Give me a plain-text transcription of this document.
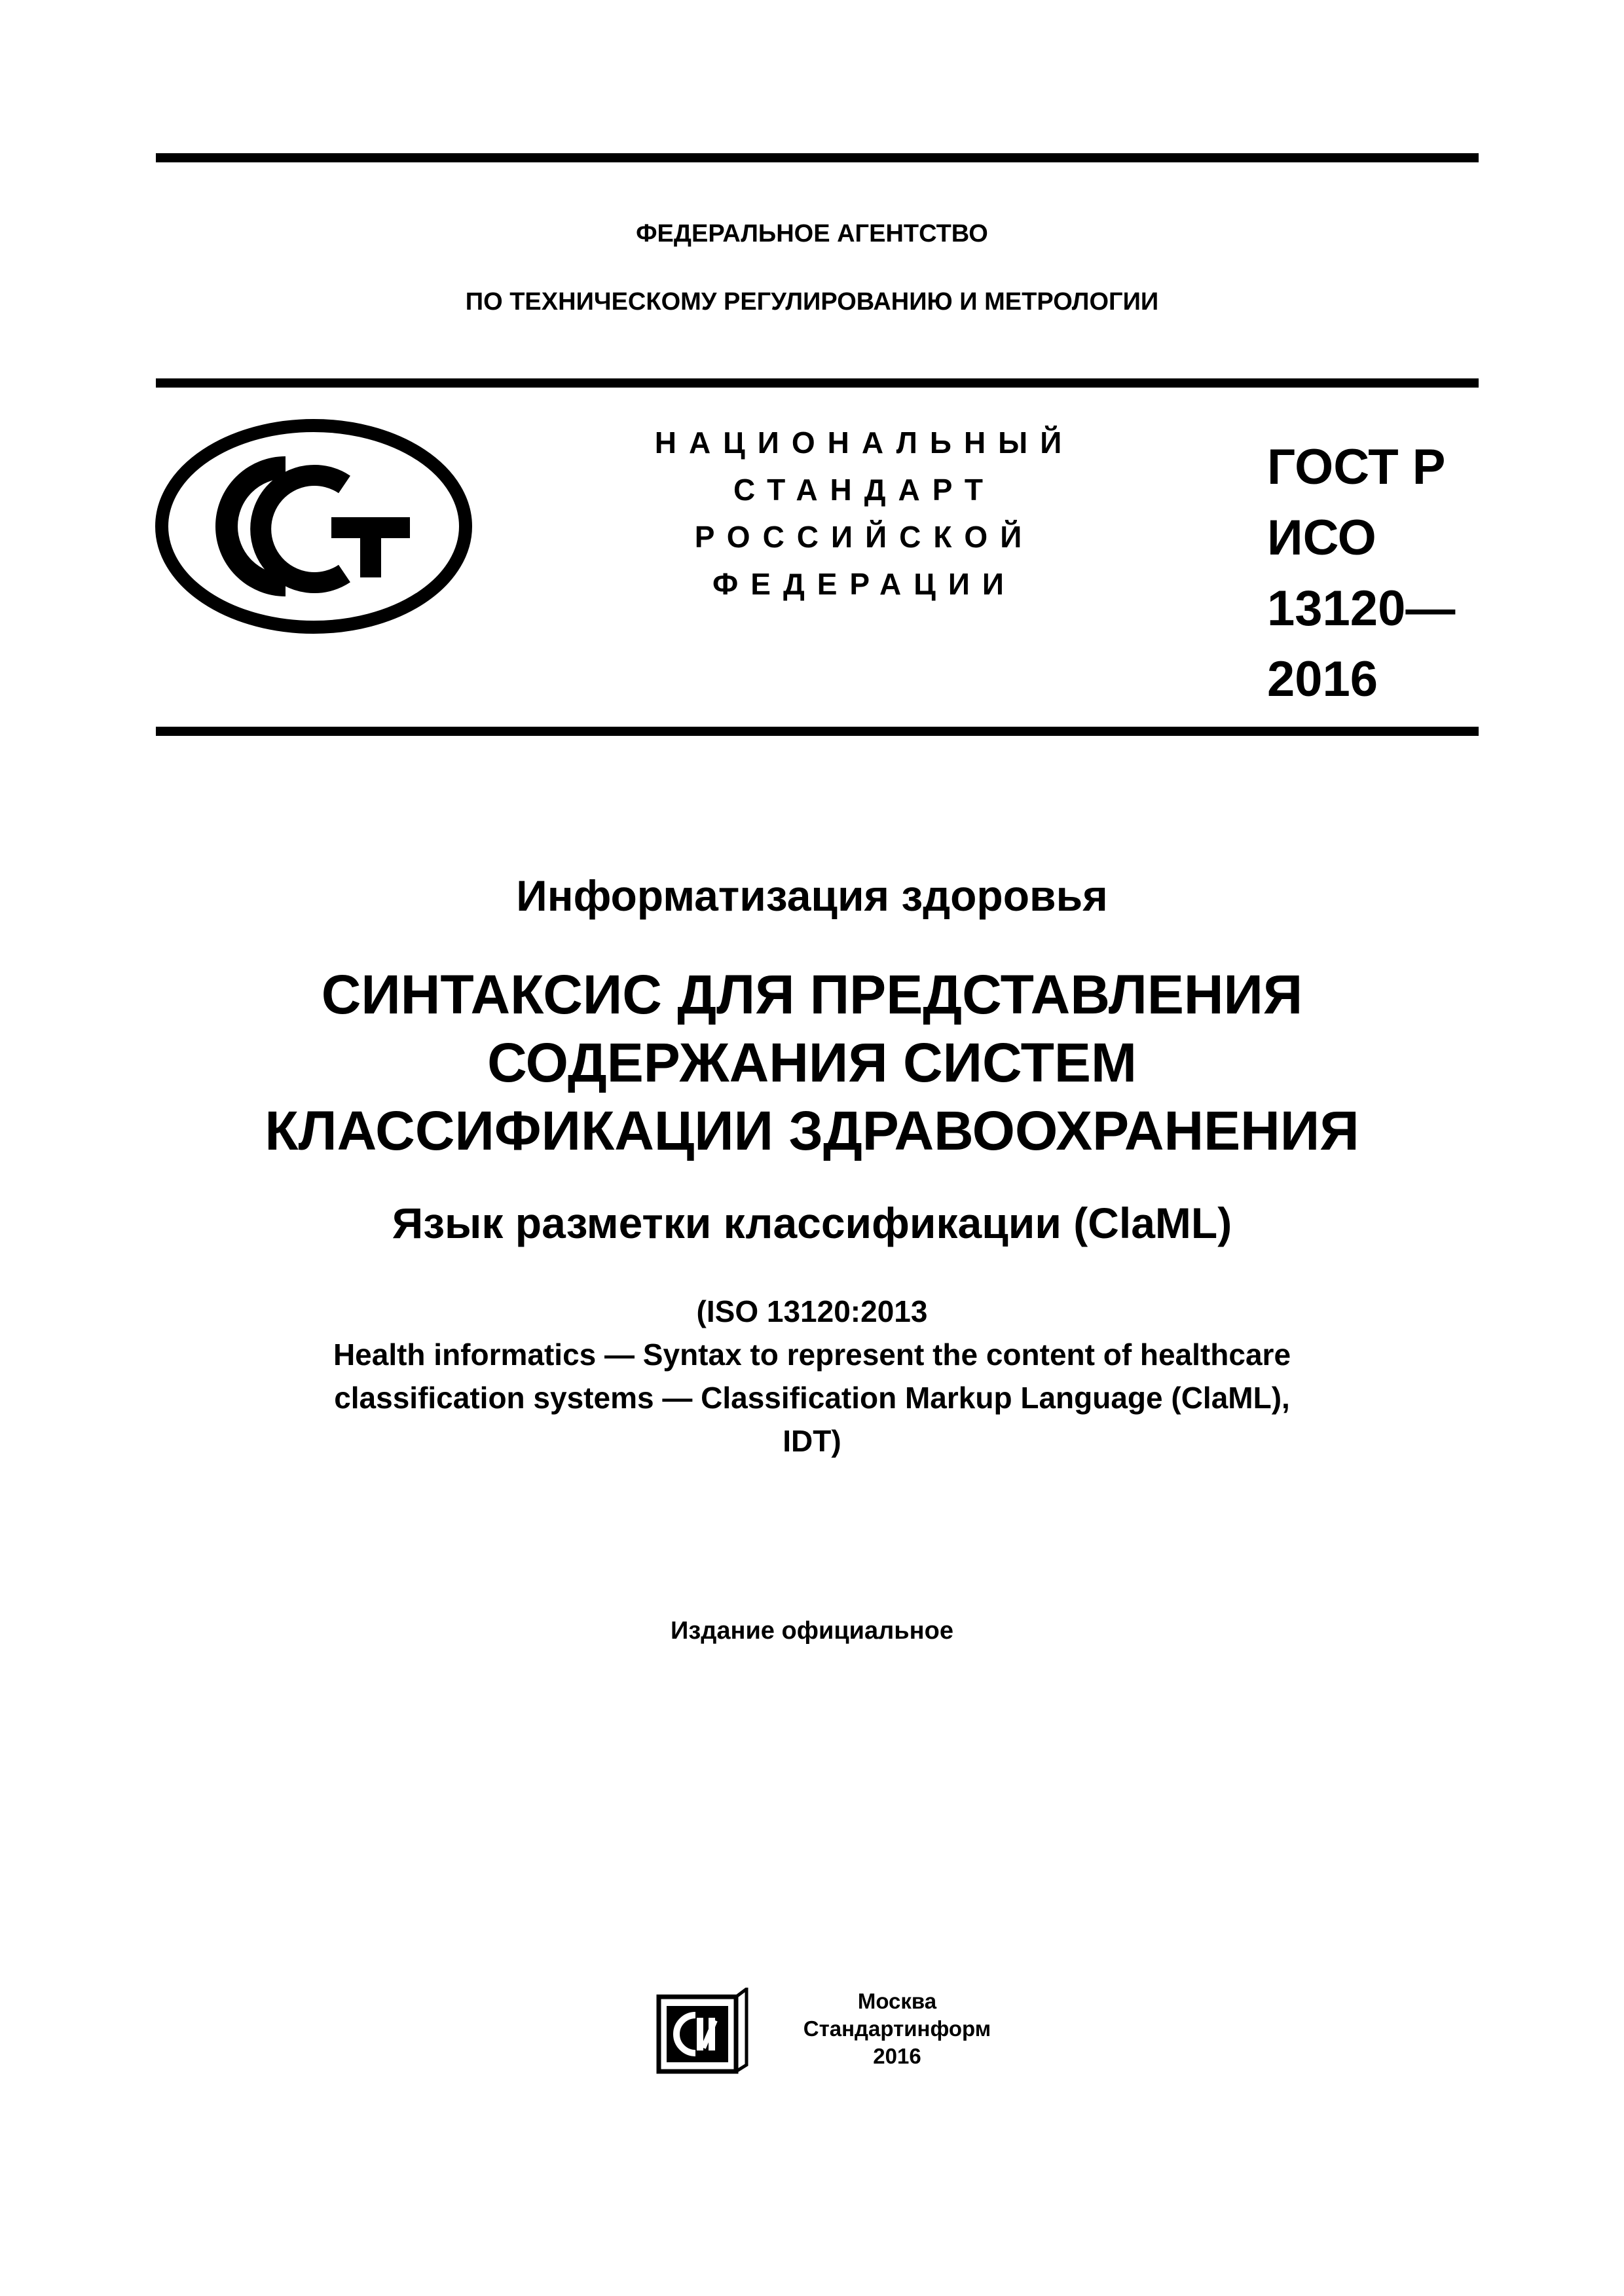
ФЕДЕРАЛЬНОЕ АГЕНТСТВО
ПО ТЕХНИЧЕСКОМУ РЕГУЛИРОВАНИЮ И МЕТРОЛОГИИ
НАЦИОНАЛЬНЫЙ
СТАНДАРТ
РОССИЙСКОЙ
ФЕДЕРАЦИИ
ГОСТ Р
ИСО
13120—
2016
Информатизация здоровья
СИНТАКСИС ДЛЯ ПРЕДСТАВЛЕНИЯ
СОДЕРЖАНИЯ СИСТЕМ
КЛАССИФИКАЦИИ ЗДРАВООХРАНЕНИЯ
Язык разметки классификации (ClaML)
(ISO 13120:2013
Health informatics — Syntax to represent the content of healthcare
classification systems — Classification Markup Language (ClaML),
IDT)
Издание официальное
Москва
Стандартинформ
2016
